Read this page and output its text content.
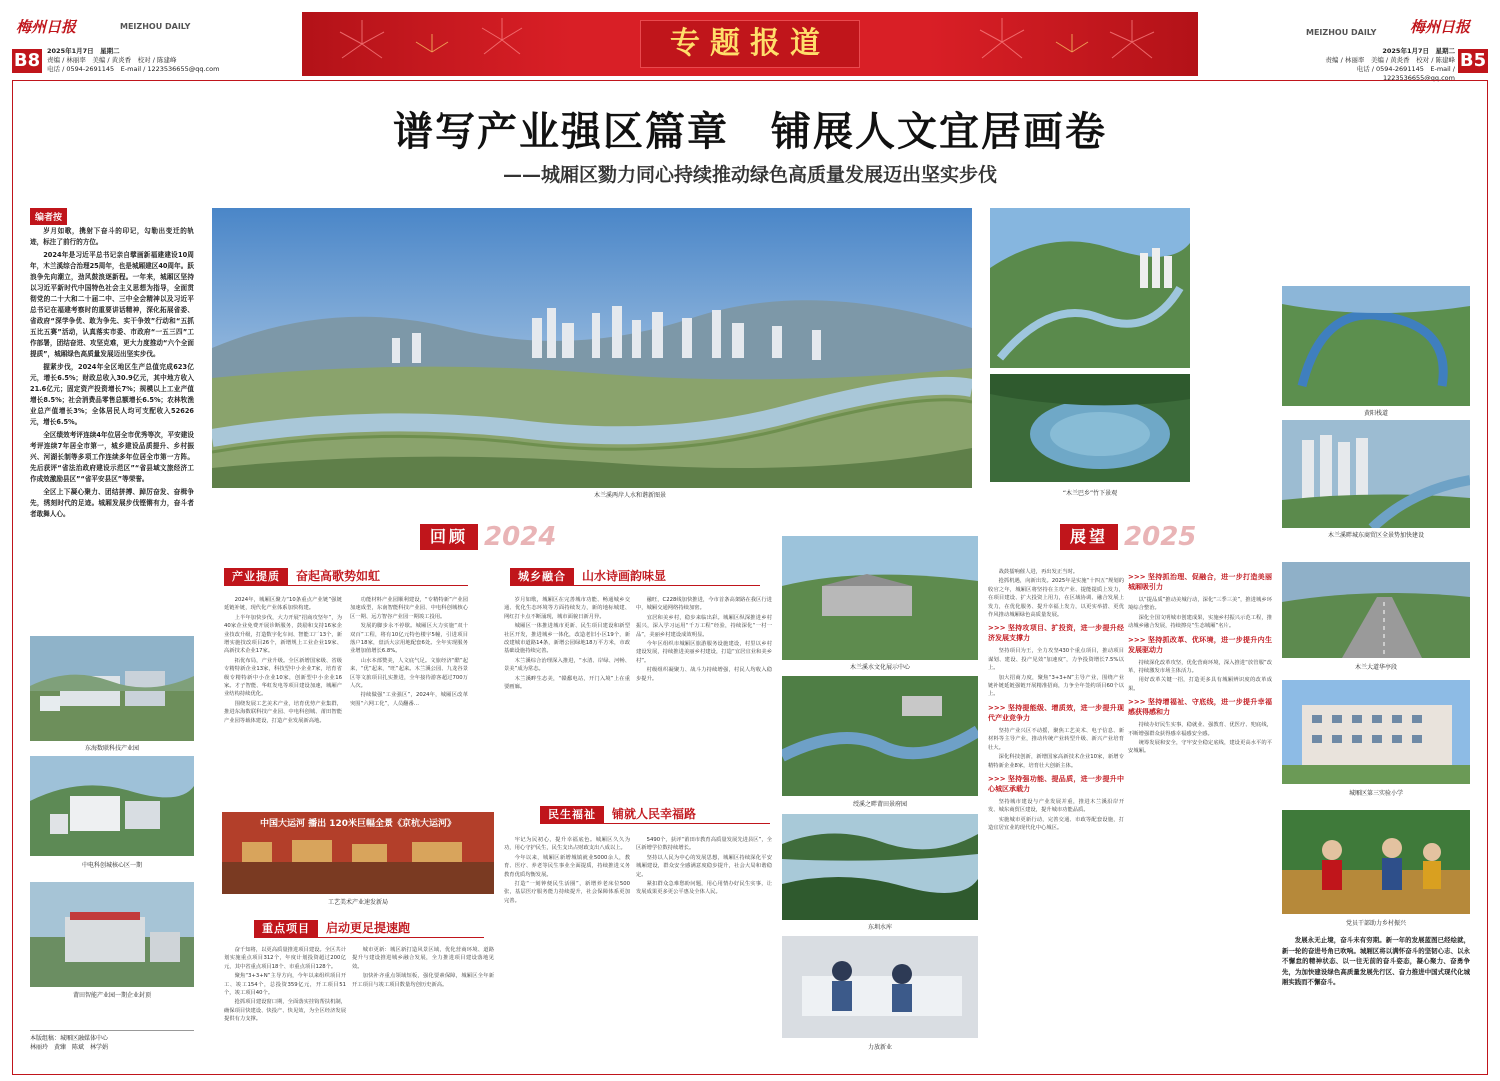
梅州日报
B8 2025年1月7日　星期二
责编 / 林丽率　美编 / 黄炎香　校对 / 陈建峰
电话 / 0594-2691145　E-mail / 1223536655@qq.com
MEIZHOU DAILY	专题报道	MEIZHOU DAILY 梅州日报
2025年1月7日　星期二
责编 / 林丽率　美编 / 黄炎香　校对 / 陈建峰
电话 / 0594-2691145　E-mail / 1223536655@qq.com
B5
谱写产业强区篇章　铺展人文宜居画卷
——城厢区勠力同心持续推动绿色高质量发展迈出坚实步伐
编者按

岁月如歌，携射下奋斗的印记，勾勒出变迁的轨迹，标注了前行的方位。

2024年是习近平总书记亲自擘画新福建建设10周年，木兰溪综合治理25周年，也是城厢建区40周年。跃浪争先向潮立，劲风鼓浪逐新程。一年来，城厢区坚持以习近平新时代中国特色社会主义思想为指导，全面贯彻党的二十大和二十届二中、三中全会精神以及习近平总书记在福建考察时的重要讲话精神，深化拓展省委、省政府“深学争优、敢为争先、实干争效”行动和“五抓五比五赛”活动，认真落实市委、市政府“一五三四”工作部署，团结奋进、攻坚克难，更大力度推动“六个全面提质”，城厢绿色高质量发展迈出坚实步伐。

握紧步伐，2024年全区地区生产总值完成623亿元，增长6.5%；财政总收入30.9亿元，其中地方收入21.6亿元；固定资产投资增长7%；规模以上工业产值增长8.5%；社会消费品零售总额增长6.5%；农林牧渔业总产值增长3%；全体居民人均可支配收入52626元，增长6.5%。

全区绩效考评连续4年位居全市优秀等次，平安建设考评连续7年居全市第一，城乡建设品质提升、乡村振兴、河湖长制等多项工作连续多年位居全市第一方阵。先后获评“省法治政府建设示范区”“省县域文旅经济工作成效激励县区”“省平安县区”等荣誉。

全区上下凝心聚力、团结拼搏、踔厉奋发、奋楫争先，绣刻时代的足迹。城厢发展步伐铿锵有力，奋斗者者敢舞人心。

东海数联科技产业园
中电科创城核心区一期
莆田智能产业园一期企业封顶
本版组稿：城厢区融媒体中心
林丽玲　黄臻　陈斌　林学娟
木兰溪两岸人水和谐新图景	“木兰巴乡”竹下景观
回顾 2024
产业提质	奋起高歌势如虹

2024年，城厢区聚力“10条重点产业链”强链延链补链，现代化产业体系加快构建。

上半年加快步伐，大力开展“招商攻坚年”，为40家企业免费开展诊断服务，鼓励和支持16家企业技改升级，打造数字化车间、智能工厂13个，新增实施技改项目26个，新增规上工业企业19家、高新技术企业17家。

拓优布局，产业升级。全区新增国家级、省级专精特新企业13家，科技型中小企业7家，培育省级专精特新中小企业10家，创新型中小企业16家。才子智能、华虹发电等项目建设加速，城厢产业结构持续优化。

围绕发展工艺美术产业，培育优势产业集群，推进东海数联科技产业园、中电科创城、莆田智能产业园等载体建设，打造产业发展新高地。

功能材料产业园顺利建设，“专精特新”产业园加速成型，东南智能科技产业园、中电科创城核心区一期、远方智谷产业园一期竣工投用。

发展的脚步永不停歇。城厢区大力实施“双十双百”工程，将有10亿元特色楼宇5幢，引进项目落户18家，盘活大宗用地配套6处。全年实现服务业增加值增长6.8%。

山水本部赞美，人文底气足。文旅经济“酷”起来，“优”起来，“旺”起来。木兰溪公园、九龙谷景区等文旅项目扎实推进，全年接待游客超过700万人次。

持续做强“工业强区”，2024年，城厢区改革突围“六网工化”，人员翻番…

中国大运河 播出 120米巨幅全景《京杭大运河》
工艺美术产业速发新局
重点项目	启动更足提速跑

奋千知将，以更高质量推进项目建设。全区共计划实施重点项目312个，年度计划投资超过200亿元，其中省重点项目18个、市重点项目128个。

聚焦“3+3+N”主导方向，今年以来组织项目开工、竣工154个，总投资359亿元，开工项目51个，竣工项目40个。

抢抓项目建设窗口期，全面落实挂钩帮扶机制，确保项目快建设、快投产、快见效，为全区经济发展提供有力支撑。

城市更新：城区新打造风景区域，优化营商环境、道路提升与建设推进城乡融合发展，全力推进项目建设落地见效。

加快补齐重点领域短板，强化要素保障，城厢区全年新开工项目与竣工项目数量均创历史新高。

城乡融合	山水诗画韵味显

岁月如歌，城厢区在完善城市功能、畅通城乡交通、优化生态环境等方面持续发力，新的地标城建、网红打卡点不断涌现，城市面貌日新月异。

城厢区一体推进城市更新、民生项目建设和新型社区开发，推进城乡一体化，改造老旧小区19个，新改建城市道路14条，新增公园绿地18万平方米，市政基础设施持续完善。

木兰溪综合治理深入推进，“水清、岸绿、河畅、景美”成为常态。

木兰溪畔生态美，“赣鄱电站，开门入境”上在重要画廊。

融旺，C228线加快推进，今市首条高架路在我区行进中，城厢交通网络持续加密。

宜居和美乡村，稳步来临出彩。城厢区纵深推进乡村振兴，深入学习运用“千万工程”经验，持续深化“一村一品”，美丽乡村建设成效明显。

今年区组织市城厢区旅游服务设施建设，村里以乡村建设发展，持续推进美丽乡村建设，打造“宜居宜业和美乡村”。

村级组织凝聚力、战斗力持续增强，村民人均收入稳步提升。

民生福祉	铺就人民幸福路

牢记为民初心，提升幸福底色。城厢区久久为功，用心守护民生，民生支出占财政支出八成以上。

今年以来，城厢区新增城镇就业5000余人，教育、医疗、养老等民生事业全面提质，持续推进义务教育优质均衡发展。

打造“一刻钟便民生活圈”，新增养老床位500张，基层医疗服务能力持续提升，社会保障体系更加完善。

5490个，获评“莆田市教育高质量发展先进县区”，全区新增学位数持续增长。

坚持以人民为中心的发展思想，城厢区持续深化平安城厢建设，群众安全感满意度稳步提升，社会大局和谐稳定。

紧扣群众急难愁盼问题，用心用情办好民生实事，让发展成果更多更公平惠及全体人民。

木兰溪水文化展示中心
绶溪之畔莆田景府园
东圳水库
力放新业
展望 2025

战鼓擂响催人进，再出发正当时。

抢抓机遇，向新出发。2025年是实施“十四五”规划的收官之年，城厢区将坚持在主攻产业、提能提质上发力，在项目建设、扩大投资上用力，在区域协调、融合发展上发力，在优化服务、提升幸福上发力，以更实举措、更优作风推动城厢绿色高质量发展。

>>> 坚持攻项目、扩投资，进一步提升经济发展支撑力

坚持项目为王，全力攻坚430个重点项目，推动项目谋划、建设、投产见效“加速度”，力争投资增长7.5%以上。

加大招商力度，聚焦“3+3+N”主导产业，围绕产业链补链延链强链开展精准招商，力争全年签约项目60个以上。

>>> 坚持提能级、增质效，进一步提升现代产业竞争力

坚持产业兴区不动摇，聚焦工艺美术、电子信息、新材料等主导产业，推动传统产业转型升级、新兴产业培育壮大。

深化科技创新，新增国家高新技术企业10家，新增专精特新企业8家，培育壮大创新主体。

>>> 坚持强功能、提品质，进一步提升中心城区承载力

坚持城市建设与产业发展并重，推进木兰溪沿岸开发、城东商贸区建设，提升城市功能品质。

实施城市更新行动，完善交通、市政等配套设施，打造宜居宜业的现代化中心城区。

>>> 坚持抓治理、促融合，进一步打造美丽城厢吸引力

以“提品质”推动美城行动，深化“三季三美”，推进城乡环境综合整治。

深化全国文明城市创建成果，实施乡村振兴示范工程，推动城乡融合发展，持续擦亮“生态城厢”名片。

>>> 坚持抓改革、优环境，进一步提升内生发展驱动力

持续深化改革攻坚，优化营商环境，深入推进“放管服”改革，持续激发市场主体活力。

用好改革关键一招，打造更多具有城厢辨识度的改革成果。

>>> 坚持增福祉、守底线，进一步提升幸福感获得感和力

持续办好民生实事，稳就业、强教育、优医疗、兜底线，不断增强群众获得感幸福感安全感。

统筹发展和安全，守牢安全稳定底线，建设更高水平的平安城厢。

黄阳栈道
木兰溪畔城东商贸区全景势加快建设
木兰大道华亭段
城厢区第三实验小学
党员干部助力乡村振兴

发展永无止境，奋斗未有穷期。新一年的发展蓝图已经绘就，新一轮的奋进号角已吹响。城厢区将以满怀奋斗的坚韧心志、以永不懈怠的精神状态、以一往无前的奋斗姿态，凝心聚力、奋勇争先，为加快建设绿色高质量发展先行区、奋力推进中国式现代化城厢实践而不懈奋斗。
